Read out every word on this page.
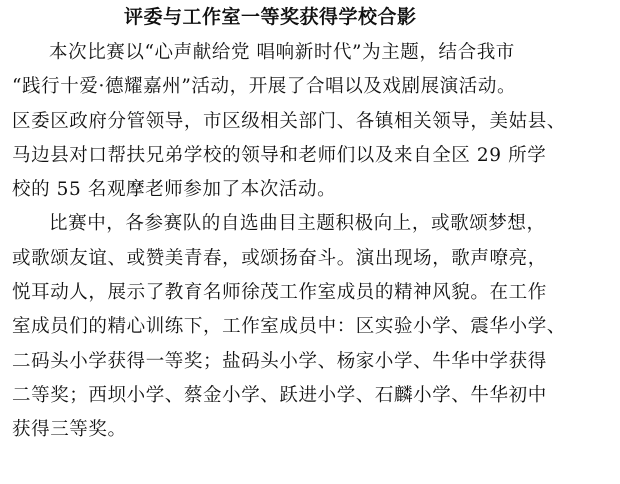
评委与工作室一等奖获得学校合影
本次比赛以“心声献给党 唱响新时代”为主题，结合我市
“践行十爱·德耀嘉州”活动，开展了合唱以及戏剧展演活动。
区委区政府分管领导，市区级相关部门、各镇相关领导，美姑县、
马边县对口帮扶兄弟学校的领导和老师们以及来自全区 29 所学
校的 55 名观摩老师参加了本次活动。
比赛中，各参赛队的自选曲目主题积极向上，或歌颂梦想，
或歌颂友谊、或赞美青春，或颂扬奋斗。演出现场，歌声嘹亮，
悦耳动人，展示了教育名师徐茂工作室成员的精神风貌。在工作
室成员们的精心训练下，工作室成员中：区实验小学、震华小学、
二码头小学获得一等奖；盐码头小学、杨家小学、牛华中学获得
二等奖；西坝小学、蔡金小学、跃进小学、石麟小学、牛华初中
获得三等奖。
